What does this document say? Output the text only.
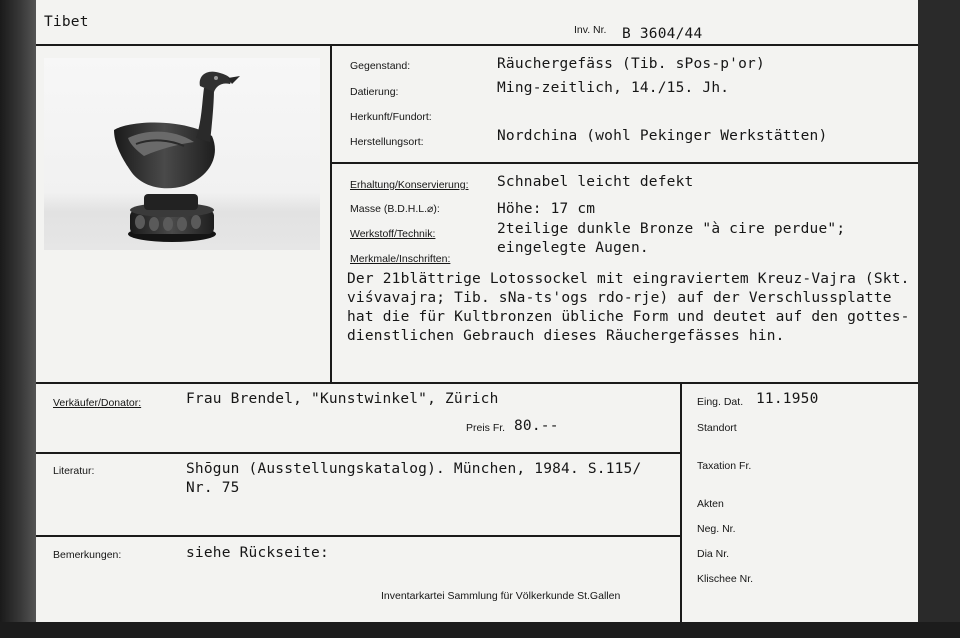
Tibet	Inv. Nr. B 3604/44
Gegenstand:	Räuchergefäss (Tib. sPos-p'or)
Datierung:	Ming-zeitlich, 14./15. Jh.
Herkunft/Fundort:
Herstellungsort:	Nordchina (wohl Pekinger Werkstätten)
Erhaltung/Konservierung: Schnabel leicht defekt
Masse (B.D.H.L.⌀):	Höhe: 17 cm
Werkstoff/Technik:	2teilige dunkle Bronze "à cire perdue";
eingelegte Augen.
Merkmale/Inschriften:
Der 21blättrige Lotossockel mit eingraviertem Kreuz-Vajra (Skt.
viśvavajra; Tib. sNa-ts'ogs rdo-rje) auf der Verschlussplatte
hat die für Kultbronzen übliche Form und deutet auf den gottes-
dienstlichen Gebrauch dieses Räuchergefässes hin.
Verkäufer/Donator:	Frau Brendel, "Kunstwinkel", Zürich
Preis Fr. 80.--
Literatur:	Shōgun (Ausstellungskatalog). München, 1984. S.115/
Nr. 75
Bemerkungen:	siehe Rückseite:
Inventarkartei Sammlung für Völkerkunde St.Gallen
Eing. Dat. 11.1950
Standort
Taxation Fr.
Akten
Neg. Nr.
Dia Nr.
Klischee Nr.
